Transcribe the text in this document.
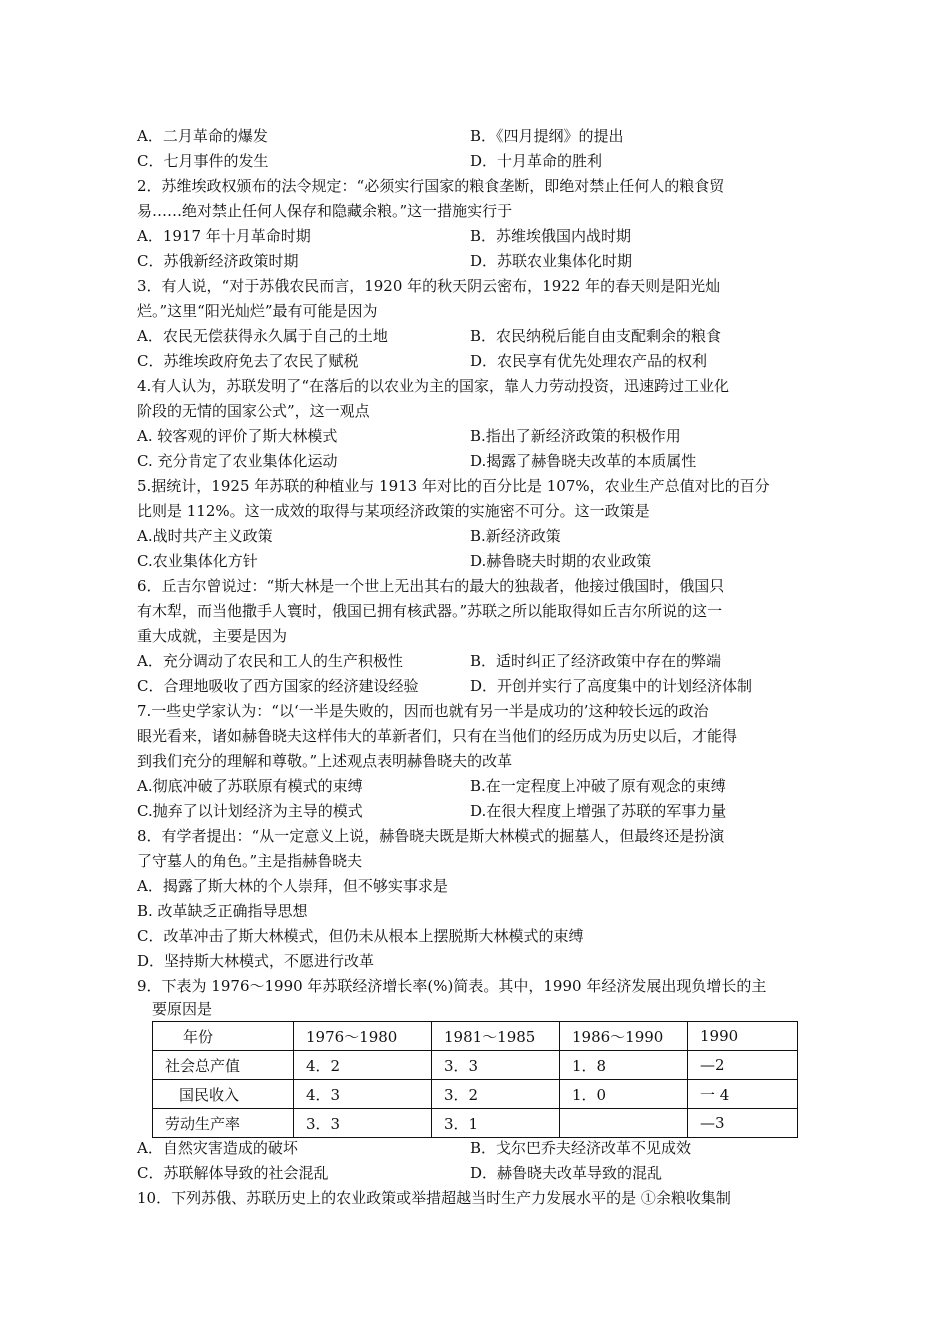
A．二月革命的爆发	B．《四月提纲》的提出
C．七月事件的发生	D．十月革命的胜利
2．苏维埃政权颁布的法令规定：“必须实行国家的粮食垄断，即绝对禁止任何人的粮食贸
易……绝对禁止任何人保存和隐藏余粮。”这一措施实行于
A．1917 年十月革命时期	B．苏维埃俄国内战时期
C．苏俄新经济政策时期	D．苏联农业集体化时期
3．有人说，“对于苏俄农民而言，1920 年的秋天阴云密布，1922 年的春天则是阳光灿
烂。”这里“阳光灿烂”最有可能是因为
A．农民无偿获得永久属于自己的土地	B．农民纳税后能自由支配剩余的粮食
C．苏维埃政府免去了农民了赋税	D．农民享有优先处理农产品的权利
4.有人认为，苏联发明了“在落后的以农业为主的国家，靠人力劳动投资，迅速跨过工业化
阶段的无情的国家公式”，这一观点
A. 较客观的评价了斯大林模式	B.指出了新经济政策的积极作用
C. 充分肯定了农业集体化运动	D.揭露了赫鲁晓夫改革的本质属性
5.据统计，1925 年苏联的种植业与 1913 年对比的百分比是 107%，农业生产总值对比的百分
比则是 112%。这一成效的取得与某项经济政策的实施密不可分。这一政策是
A.战时共产主义政策	B.新经济政策
C.农业集体化方针	D.赫鲁晓夫时期的农业政策
6．丘吉尔曾说过：“斯大林是一个世上无出其右的最大的独裁者，他接过俄国时，俄国只
有木犁，而当他撒手人寰时，俄国已拥有核武器。”苏联之所以能取得如丘吉尔所说的这一
重大成就，主要是因为
A．充分调动了农民和工人的生产积极性	B．适时纠正了经济政策中存在的弊端
C．合理地吸收了西方国家的经济建设经验	D．开创并实行了高度集中的计划经济体制
7.一些史学家认为：“以‘一半是失败的，因而也就有另一半是成功的’这种较长远的政治
眼光看来，诸如赫鲁晓夫这样伟大的革新者们，只有在当他们的经历成为历史以后，才能得
到我们充分的理解和尊敬。”上述观点表明赫鲁晓夫的改革
A.彻底冲破了苏联原有模式的束缚	B.在一定程度上冲破了原有观念的束缚
C.抛弃了以计划经济为主导的模式	D.在很大程度上增强了苏联的军事力量
8．有学者提出：“从一定意义上说，赫鲁晓夫既是斯大林模式的掘墓人，但最终还是扮演
了守墓人的角色。”主是指赫鲁晓夫
A．揭露了斯大林的个人崇拜，但不够实事求是
B. 改革缺乏正确指导思想
C．改革冲击了斯大林模式，但仍未从根本上摆脱斯大林模式的束缚
D．坚持斯大林模式，不愿进行改革
9．下表为 1976～1990 年苏联经济增长率(%)简表。其中，1990 年经济发展出现负增长的主
要原因是
年份	1976～1980	1981～1985	1986～1990	1990
社会总产值	4．2	3．3	1．8	—2
国民收入	4．3	3．2	1．0	一 4
劳动生产率	3．3	3．1		—3
A．自然灾害造成的破坏	B．戈尔巴乔夫经济改革不见成效
C．苏联解体导致的社会混乱	D．赫鲁晓夫改革导致的混乱
10．下列苏俄、苏联历史上的农业政策或举措超越当时生产力发展水平的是 ①余粮收集制
